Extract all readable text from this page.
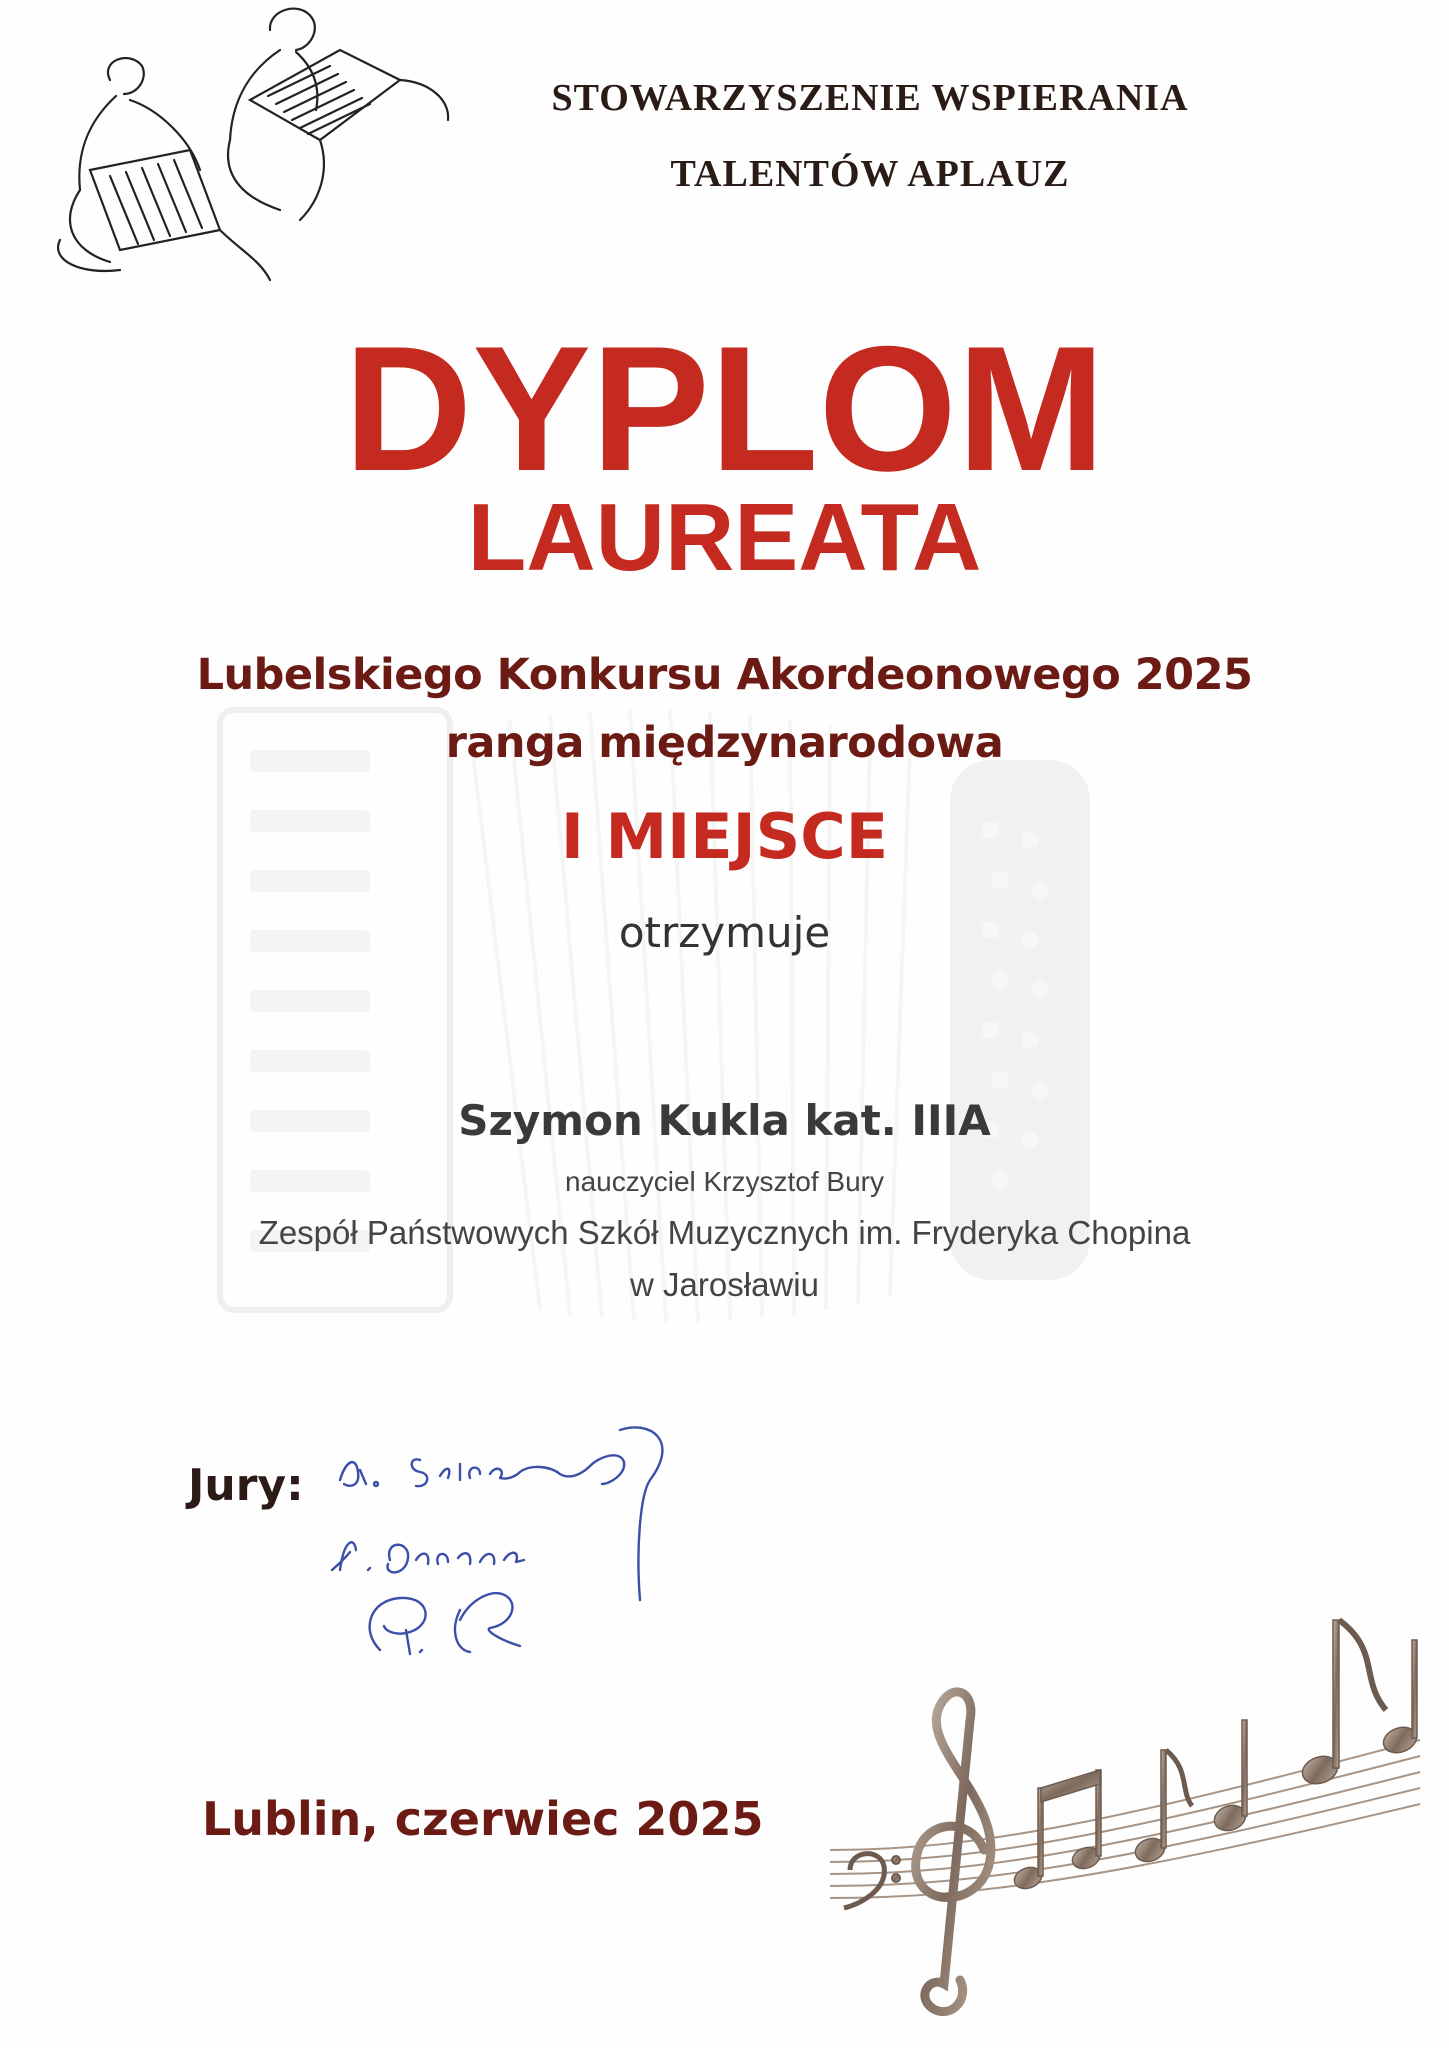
STOWARZYSZENIE WSPIERANIA
TALENTÓW APLAUZ
DYPLOM
LAUREATA
Lubelskiego Konkursu Akordeonowego 2025
ranga międzynarodowa
I MIEJSCE
otrzymuje
Szymon Kukla kat. IIIA
nauczyciel Krzysztof Bury
Zespół Państwowych Szkół Muzycznych im. Fryderyka Chopina
w Jarosławiu
Jury:
Lublin, czerwiec 2025
